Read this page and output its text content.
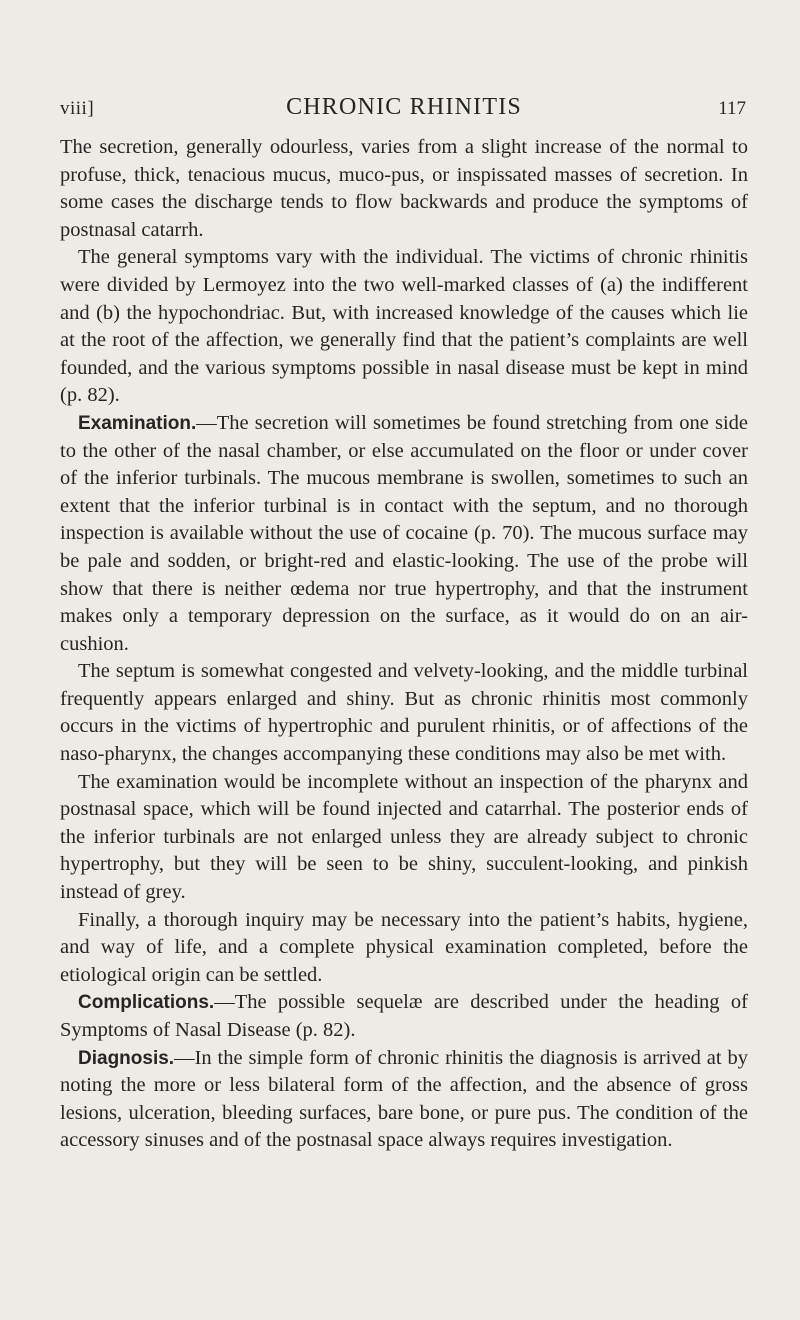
viii]	CHRONIC RHINITIS	117

The secretion, generally odourless, varies from a slight increase of the normal to profuse, thick, tenacious mucus, muco-pus, or inspissated masses of secretion. In some cases the discharge tends to flow backwards and produce the symptoms of postnasal catarrh.

The general symptoms vary with the individual. The victims of chronic rhinitis were divided by Lermoyez into the two well-marked classes of (a) the indifferent and (b) the hypochondriac. But, with increased knowledge of the causes which lie at the root of the affection, we generally find that the patient’s complaints are well founded, and the various symptoms possible in nasal disease must be kept in mind (p. 82).

Examination.—The secretion will sometimes be found stretching from one side to the other of the nasal chamber, or else accumulated on the floor or under cover of the inferior turbinals. The mucous membrane is swollen, sometimes to such an extent that the inferior turbinal is in contact with the septum, and no thorough inspection is available without the use of cocaine (p. 70). The mucous surface may be pale and sodden, or bright-red and elastic-looking. The use of the probe will show that there is neither œdema nor true hypertrophy, and that the instrument makes only a temporary depression on the surface, as it would do on an air-cushion.

The septum is somewhat congested and velvety-looking, and the middle turbinal frequently appears enlarged and shiny. But as chronic rhinitis most commonly occurs in the victims of hypertrophic and purulent rhinitis, or of affections of the naso-pharynx, the changes accompanying these conditions may also be met with.

The examination would be incomplete without an inspection of the pharynx and postnasal space, which will be found injected and catarrhal. The posterior ends of the inferior turbinals are not enlarged unless they are already subject to chronic hypertrophy, but they will be seen to be shiny, succulent-looking, and pinkish instead of grey.

Finally, a thorough inquiry may be necessary into the patient’s habits, hygiene, and way of life, and a complete physical examination completed, before the etiological origin can be settled.

Complications.—The possible sequelæ are described under the heading of Symptoms of Nasal Disease (p. 82).

Diagnosis.—In the simple form of chronic rhinitis the diagnosis is arrived at by noting the more or less bilateral form of the affection, and the absence of gross lesions, ulceration, bleeding surfaces, bare bone, or pure pus. The condition of the accessory sinuses and of the postnasal space always requires investigation.
